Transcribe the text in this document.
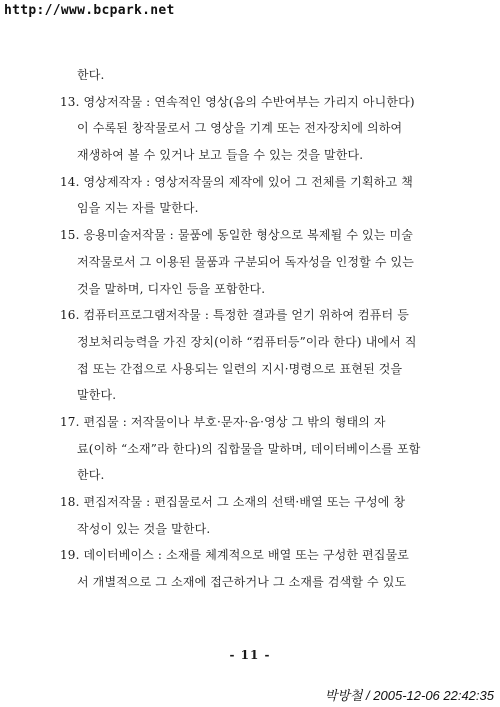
http://www.bcpark.net
한다.
13. 영상저작물 : 연속적인 영상(음의 수반여부는 가리지 아니한다)
이 수록된 창작물로서 그 영상을 기계 또는 전자장치에 의하여
재생하여 볼 수 있거나 보고 들을 수 있는 것을 말한다.
14. 영상제작자 : 영상저작물의 제작에 있어 그 전체를 기획하고 책
임을 지는 자를 말한다.
15. 응용미술저작물 : 물품에 동일한 형상으로 복제될 수 있는 미술
저작물로서 그 이용된 물품과 구분되어 독자성을 인정할 수 있는
것을 말하며, 디자인 등을 포함한다.
16. 컴퓨터프로그램저작물 : 특정한 결과를 얻기 위하여 컴퓨터 등
정보처리능력을 가진 장치(이하 “컴퓨터등”이라 한다) 내에서 직
접 또는 간접으로 사용되는 일련의 지시·명령으로 표현된 것을
말한다.
17. 편집물 : 저작물이나 부호·문자·음·영상 그 밖의 형태의 자
료(이하 “소재”라 한다)의 집합물을 말하며, 데이터베이스를 포함
한다.
18. 편집저작물 : 편집물로서 그 소재의 선택·배열 또는 구성에 창
작성이 있는 것을 말한다.
19. 데이터베이스 : 소재를 체계적으로 배열 또는 구성한 편집물로
서 개별적으로 그 소재에 접근하거나 그 소재를 검색할 수 있도
- 11 -
박방철 / 2005-12-06 22:42:35
